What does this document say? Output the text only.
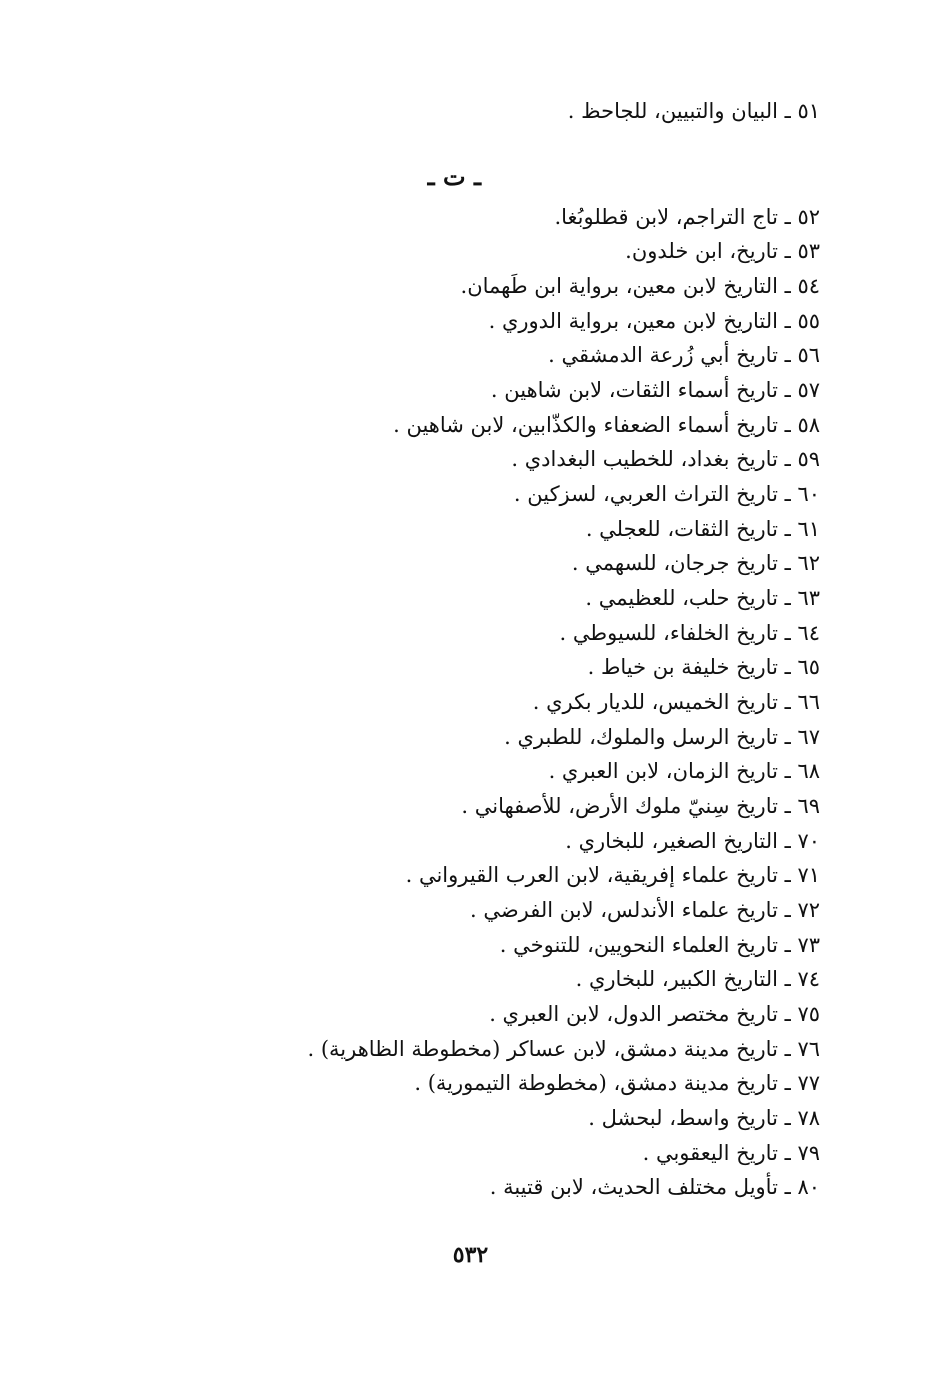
٥١ ـ البيان والتبيين، للجاحظ .
ـ ت ـ
٥٢ ـ تاج التراجم، لابن قطلوبُغا.
٥٣ ـ تاريخ، ابن خلدون.
٥٤ ـ التاريخ لابن معين، برواية ابن طَهمان.
٥٥ ـ التاريخ لابن معين، برواية الدوري .
٥٦ ـ تاريخ أبي زُرعة الدمشقي .
٥٧ ـ تاريخ أسماء الثقات، لابن شاهين .
٥٨ ـ تاريخ أسماء الضعفاء والكذّابين، لابن شاهين .
٥٩ ـ تاريخ بغداد، للخطيب البغدادي .
٦٠ ـ تاريخ التراث العربي، لسزكين .
٦١ ـ تاريخ الثقات، للعجلي .
٦٢ ـ تاريخ جرجان، للسهمي .
٦٣ ـ تاريخ حلب، للعظيمي .
٦٤ ـ تاريخ الخلفاء، للسيوطي .
٦٥ ـ تاريخ خليفة بن خياط .
٦٦ ـ تاريخ الخميس، للديار بكري .
٦٧ ـ تاريخ الرسل والملوك، للطبري .
٦٨ ـ تاريخ الزمان، لابن العبري .
٦٩ ـ تاريخ سِنيّ ملوك الأرض، للأصفهاني .
٧٠ ـ التاريخ الصغير، للبخاري .
٧١ ـ تاريخ علماء إفريقية، لابن العرب القيرواني .
٧٢ ـ تاريخ علماء الأندلس، لابن الفرضي .
٧٣ ـ تاريخ العلماء النحويين، للتنوخي .
٧٤ ـ التاريخ الكبير، للبخاري .
٧٥ ـ تاريخ مختصر الدول، لابن العبري .
٧٦ ـ تاريخ مدينة دمشق، لابن عساكر (مخطوطة الظاهرية) .
٧٧ ـ تاريخ مدينة دمشق، (مخطوطة التيمورية) .
٧٨ ـ تاريخ واسط، لبحشل .
٧٩ ـ تاريخ اليعقوبي .
٨٠ ـ تأويل مختلف الحديث، لابن قتيبة .
٥٣٢
